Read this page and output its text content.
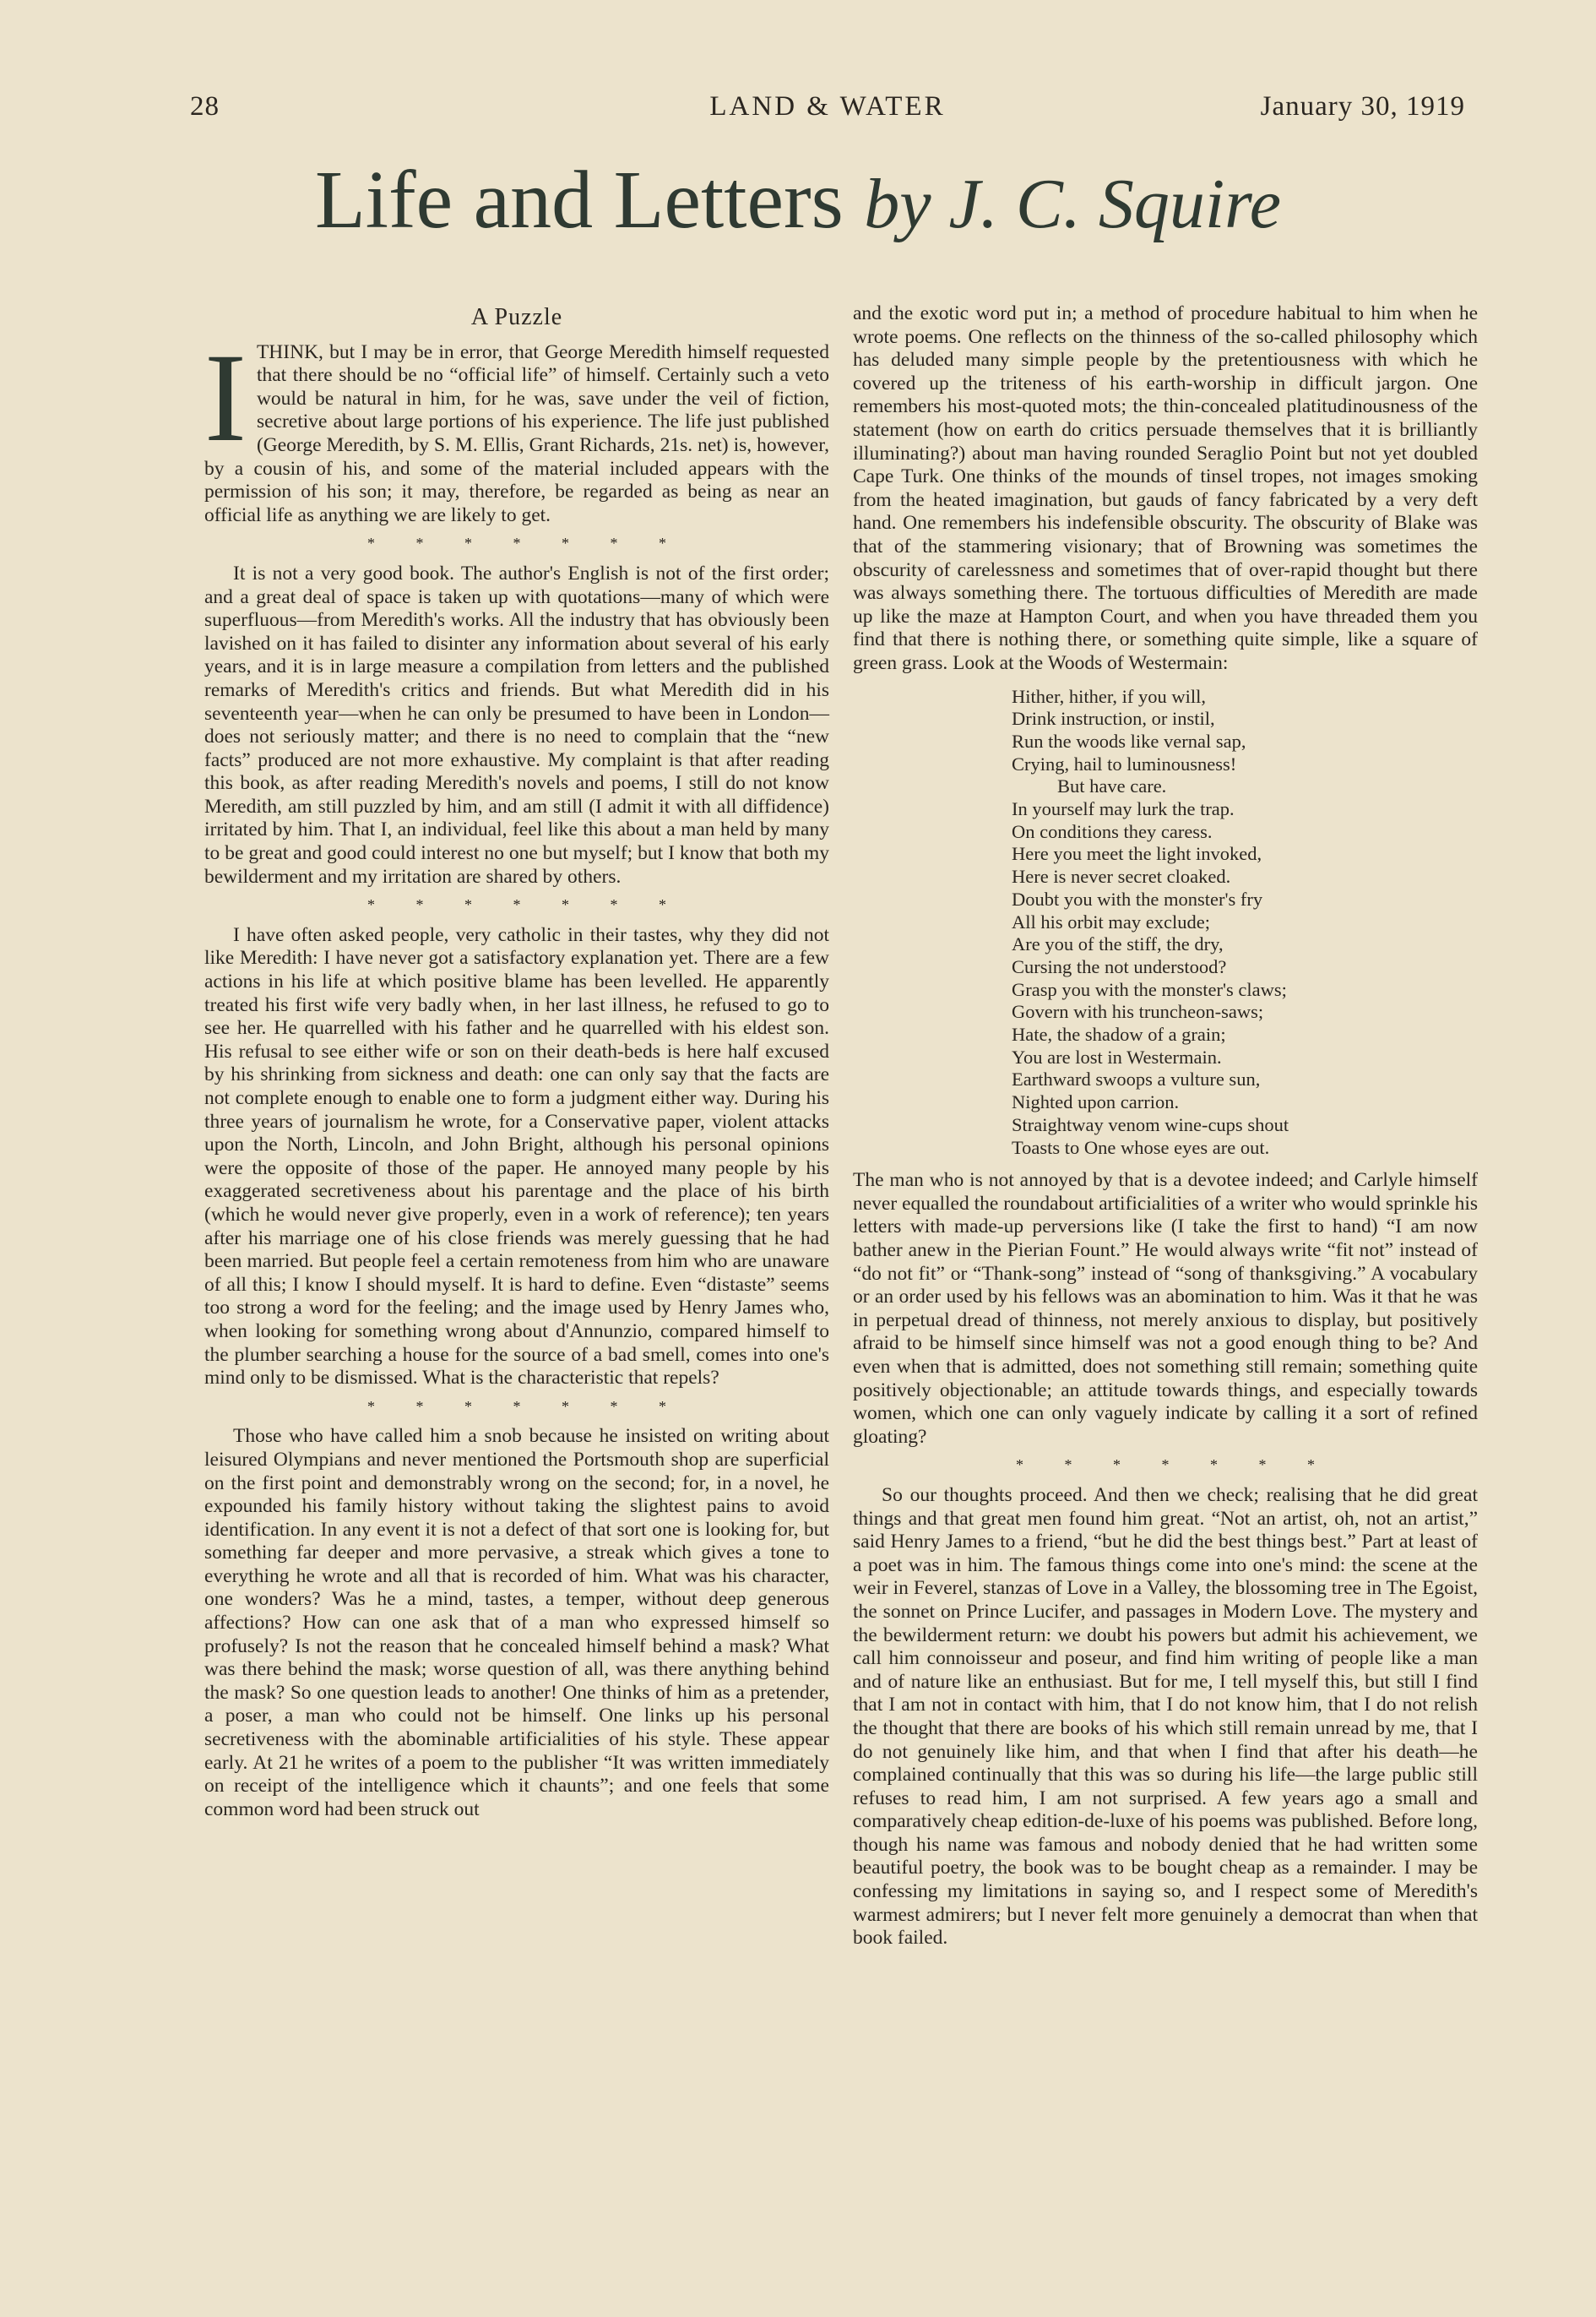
28	LAND & WATER	January 30, 1919
Life and Letters by J. C. Squire
A Puzzle

ITHINK, but I may be in error, that George Meredith himself requested that there should be no “official life” of himself. Certainly such a veto would be natural in him, for he was, save under the veil of fiction, secretive about large portions of his experience. The life just published (George Meredith, by S. M. Ellis, Grant Richards, 21s. net) is, however, by a cousin of his, and some of the material included appears with the permission of his son; it may, therefore, be regarded as being as near an official life as anything we are likely to get.

* * * * * * *

It is not a very good book. The author's English is not of the first order; and a great deal of space is taken up with quotations—many of which were superfluous—from Meredith's works. All the industry that has obviously been lavished on it has failed to disinter any information about several of his early years, and it is in large measure a compilation from letters and the published remarks of Meredith's critics and friends. But what Meredith did in his seventeenth year—when he can only be presumed to have been in London—does not seriously matter; and there is no need to complain that the “new facts” produced are not more exhaustive. My complaint is that after reading this book, as after reading Meredith's novels and poems, I still do not know Meredith, am still puzzled by him, and am still (I admit it with all diffidence) irritated by him. That I, an individual, feel like this about a man held by many to be great and good could interest no one but myself; but I know that both my bewilderment and my irritation are shared by others.

* * * * * * *

I have often asked people, very catholic in their tastes, why they did not like Meredith: I have never got a satisfactory explanation yet. There are a few actions in his life at which positive blame has been levelled. He apparently treated his first wife very badly when, in her last illness, he refused to go to see her. He quarrelled with his father and he quarrelled with his eldest son. His refusal to see either wife or son on their death-beds is here half excused by his shrinking from sickness and death: one can only say that the facts are not complete enough to enable one to form a judgment either way. During his three years of journalism he wrote, for a Conservative paper, violent attacks upon the North, Lincoln, and John Bright, although his personal opinions were the opposite of those of the paper. He annoyed many people by his exaggerated secretiveness about his parentage and the place of his birth (which he would never give properly, even in a work of reference); ten years after his marriage one of his close friends was merely guessing that he had been married. But people feel a certain remoteness from him who are unaware of all this; I know I should myself. It is hard to define. Even “distaste” seems too strong a word for the feeling; and the image used by Henry James who, when looking for something wrong about d'Annunzio, compared himself to the plumber searching a house for the source of a bad smell, comes into one's mind only to be dismissed. What is the characteristic that repels?

* * * * * * *

Those who have called him a snob because he insisted on writing about leisured Olympians and never mentioned the Portsmouth shop are superficial on the first point and demonstrably wrong on the second; for, in a novel, he expounded his family history without taking the slightest pains to avoid identification. In any event it is not a defect of that sort one is looking for, but something far deeper and more pervasive, a streak which gives a tone to everything he wrote and all that is recorded of him. What was his character, one wonders? Was he a mind, tastes, a temper, without deep generous affections? How can one ask that of a man who expressed himself so profusely? Is not the reason that he concealed himself behind a mask? What was there behind the mask; worse question of all, was there anything behind the mask? So one question leads to another! One thinks of him as a pretender, a poser, a man who could not be himself. One links up his personal secretiveness with the abominable artificialities of his style. These appear early. At 21 he writes of a poem to the publisher “It was written immediately on receipt of the intelligence which it chaunts”; and one feels that some common word had been struck out

and the exotic word put in; a method of procedure habitual to him when he wrote poems. One reflects on the thinness of the so-called philosophy which has deluded many simple people by the pretentiousness with which he covered up the triteness of his earth-worship in difficult jargon. One remembers his most-quoted mots; the thin-concealed platitudinousness of the statement (how on earth do critics persuade themselves that it is brilliantly illuminating?) about man having rounded Seraglio Point but not yet doubled Cape Turk. One thinks of the mounds of tinsel tropes, not images smoking from the heated imagination, but gauds of fancy fabricated by a very deft hand. One remembers his indefensible obscurity. The obscurity of Blake was that of the stammering visionary; that of Browning was sometimes the obscurity of carelessness and sometimes that of over-rapid thought but there was always something there. The tortuous difficulties of Meredith are made up like the maze at Hampton Court, and when you have threaded them you find that there is nothing there, or something quite simple, like a square of green grass. Look at the Woods of Westermain:

Hither, hither, if you will,
Drink instruction, or instil,
Run the woods like vernal sap,
Crying, hail to luminousness!
But have care.
In yourself may lurk the trap.
On conditions they caress.
Here you meet the light invoked,
Here is never secret cloaked.
Doubt you with the monster's fry
All his orbit may exclude;
Are you of the stiff, the dry,
Cursing the not understood?
Grasp you with the monster's claws;
Govern with his truncheon-saws;
Hate, the shadow of a grain;
You are lost in Westermain.
Earthward swoops a vulture sun,
Nighted upon carrion.
Straightway venom wine-cups shout
Toasts to One whose eyes are out.

The man who is not annoyed by that is a devotee indeed; and Carlyle himself never equalled the roundabout artificialities of a writer who would sprinkle his letters with made-up perversions like (I take the first to hand) “I am now bather anew in the Pierian Fount.” He would always write “fit not” instead of “do not fit” or “Thank-song” instead of “song of thanksgiving.” A vocabulary or an order used by his fellows was an abomination to him. Was it that he was in perpetual dread of thinness, not merely anxious to display, but positively afraid to be himself since himself was not a good enough thing to be? And even when that is admitted, does not something still remain; something quite positively objectionable; an attitude towards things, and especially towards women, which one can only vaguely indicate by calling it a sort of refined gloating?

* * * * * * *

So our thoughts proceed. And then we check; realising that he did great things and that great men found him great. “Not an artist, oh, not an artist,” said Henry James to a friend, “but he did the best things best.” Part at least of a poet was in him. The famous things come into one's mind: the scene at the weir in Feverel, stanzas of Love in a Valley, the blossoming tree in The Egoist, the sonnet on Prince Lucifer, and passages in Modern Love. The mystery and the bewilderment return: we doubt his powers but admit his achievement, we call him connoisseur and poseur, and find him writing of people like a man and of nature like an enthusiast. But for me, I tell myself this, but still I find that I am not in contact with him, that I do not know him, that I do not relish the thought that there are books of his which still remain unread by me, that I do not genuinely like him, and that when I find that after his death—he complained continually that this was so during his life—the large public still refuses to read him, I am not surprised. A few years ago a small and comparatively cheap edition-de-luxe of his poems was published. Before long, though his name was famous and nobody denied that he had written some beautiful poetry, the book was to be bought cheap as a remainder. I may be confessing my limitations in saying so, and I respect some of Meredith's warmest admirers; but I never felt more genuinely a democrat than when that book failed.
